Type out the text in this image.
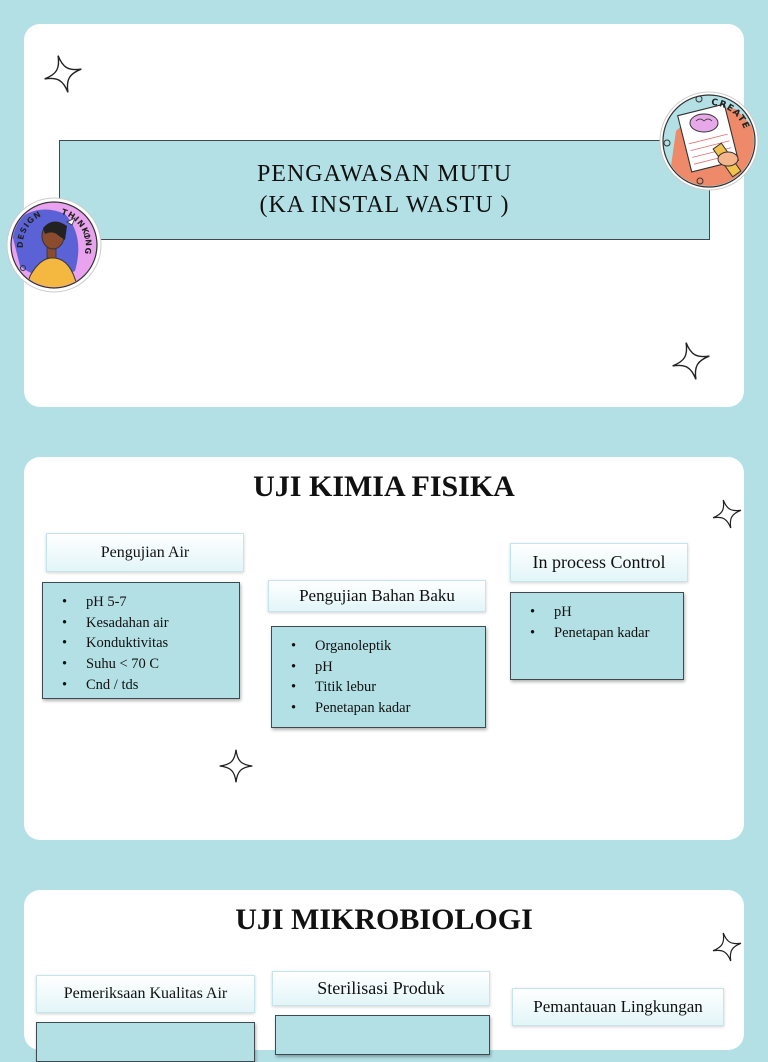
PENGAWASAN MUTU
(KA INSTAL WASTU )
CREATE
DESIGN THINKING
UJI KIMIA FISIKA
Pengujian Air
• pH 5-7
• Kesadahan air
• Konduktivitas
• Suhu < 70 C
• Cnd / tds
Pengujian Bahan Baku
• Organoleptik
• pH
• Titik lebur
• Penetapan kadar
In process Control
• pH
• Penetapan kadar
UJI MIKROBIOLOGI
Pemeriksaan Kualitas Air	Sterilisasi Produk
Pemantauan Lingkungan
